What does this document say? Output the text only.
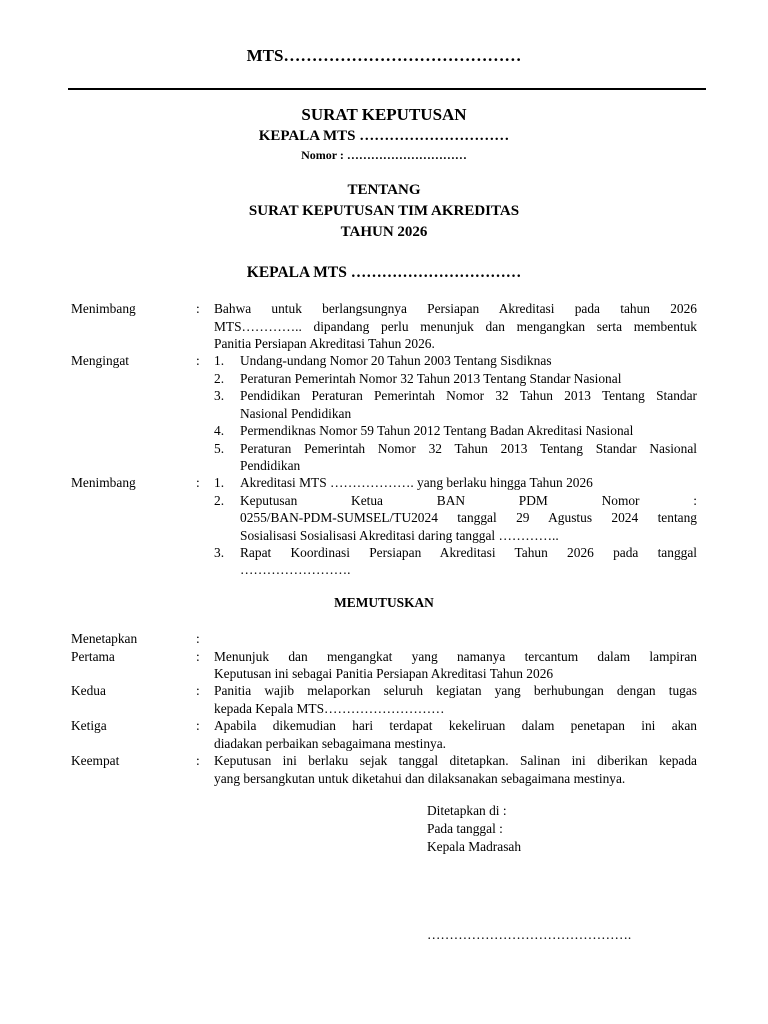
MTS……………………………………
SURAT KEPUTUSAN
KEPALA MTS …………………………
Nomor : …………………………
TENTANG
SURAT KEPUTUSAN TIM AKREDITAS
TAHUN 2026
KEPALA MTS ……………………………
Menimbang	: Bahwa untuk berlangsungnya Persiapan Akreditasi pada tahun 2026
MTS………….. dipandang perlu menunjuk dan mengangkan serta membentuk
Panitia Persiapan Akreditasi Tahun 2026.
Mengingat	: 1. Undang-undang Nomor 20 Tahun 2003 Tentang Sisdiknas
2. Peraturan Pemerintah Nomor 32 Tahun 2013 Tentang Standar Nasional
3. Pendidikan Peraturan Pemerintah Nomor 32 Tahun 2013 Tentang Standar
Nasional Pendidikan
4. Permendiknas Nomor 59 Tahun 2012 Tentang Badan Akreditasi Nasional
5. Peraturan Pemerintah Nomor 32 Tahun 2013 Tentang Standar Nasional
Pendidikan
Menimbang	: 1. Akreditasi MTS ………………. yang berlaku hingga Tahun 2026
2. Keputusan Ketua BAN PDM Nomor :
0255/BAN-PDM-SUMSEL/TU2024 tanggal 29 Agustus 2024 tentang
Sosialisasi Sosialisasi Akreditasi daring tanggal …………..
3. Rapat Koordinasi Persiapan Akreditasi Tahun 2026 pada tanggal
…………………….
MEMUTUSKAN
Menetapkan	:
Pertama	: Menunjuk dan mengangkat yang namanya tercantum dalam lampiran
Keputusan ini sebagai Panitia Persiapan Akreditasi Tahun 2026
Kedua	: Panitia wajib melaporkan seluruh kegiatan yang berhubungan dengan tugas
kepada Kepala MTS………………………
Ketiga	: Apabila dikemudian hari terdapat kekeliruan dalam penetapan ini akan
diadakan perbaikan sebagaimana mestinya.
Keempat	: Keputusan ini berlaku sejak tanggal ditetapkan. Salinan ini diberikan kepada
yang bersangkutan untuk diketahui dan dilaksanakan sebagaimana mestinya.
Ditetapkan di :
Pada tanggal :
Kepala Madrasah
……………………………………….
